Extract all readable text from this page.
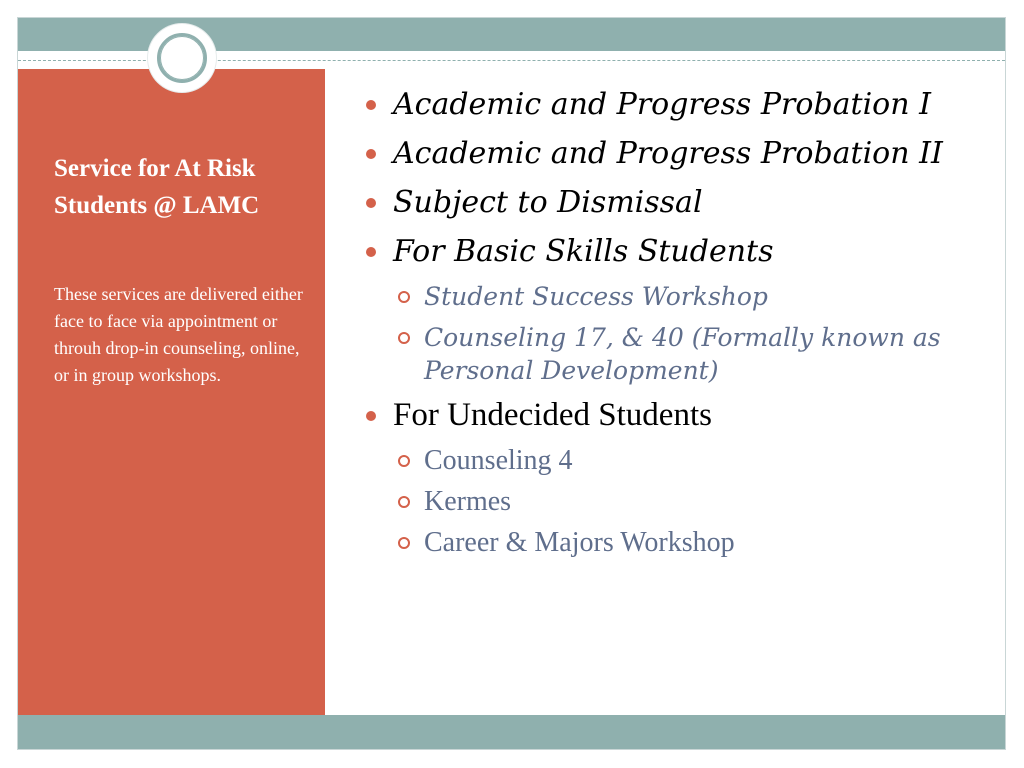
Service for At Risk Students @ LAMC
These services are delivered either face to face via appointment or throuh drop-in counseling, online, or in group workshops.
Academic and Progress Probation I
Academic and Progress Probation II
Subject to Dismissal
For Basic Skills Students
Student Success Workshop
Counseling 17, & 40 (Formally known as Personal Development)
For Undecided Students
Counseling 4
Kermes
Career & Majors Workshop
